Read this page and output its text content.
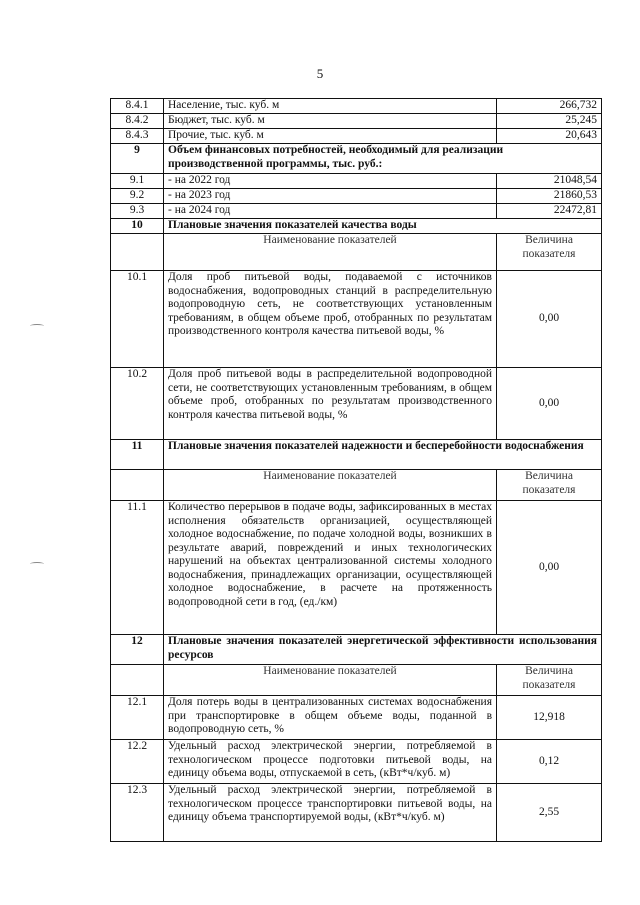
5
8.4.1	Население, тыс. куб. м	266,732
8.4.2	Бюджет, тыс. куб. м	25,245
8.4.3	Прочие, тыс. куб. м	20,643
9	Объем финансовых потребностей, необходимый для реализации производственной программы, тыс. руб.:	
9.1	- на 2022 год	21048,54
9.2	- на 2023 год	21860,53
9.3	- на 2024 год	22472,81
10	Плановые значения показателей качества воды	
	Наименование показателей	Величина показателя
10.1	Доля проб питьевой воды, подаваемой с источников водоснабжения, водопроводных станций в распределительную водопроводную сеть, не соответствующих установленным требованиям, в общем объеме проб, отобранных по результатам производственного контроля качества питьевой воды, %	0,00
10.2	Доля проб питьевой воды в распределительной водопроводной сети, не соответствующих установленным требованиям, в общем объеме проб, отобранных по результатам производственного контроля качества питьевой воды, %	0,00
11	Плановые значения показателей надежности и бесперебойности водоснабжения	
	Наименование показателей	Величина показателя
11.1	Количество перерывов в подаче воды, зафиксированных в местах исполнения обязательств организацией, осуществляющей холодное водоснабжение, по подаче холодной воды, возникших в результате аварий, повреждений и иных технологических нарушений на объектах централизованной системы холодного водоснабжения, принадлежащих организации, осуществляющей холодное водоснабжение, в расчете на протяженность водопроводной сети в год, (ед./км)	0,00
12	Плановые значения показателей энергетической эффективности использования ресурсов	
	Наименование показателей	Величина показателя
12.1	Доля потерь воды в централизованных системах водоснабжения при транспортировке в общем объеме воды, поданной в водопроводную сеть, %	12,918
12.2	Удельный расход электрической энергии, потребляемой в технологическом процессе подготовки питьевой воды, на единицу объема воды, отпускаемой в сеть, (кВт*ч/куб. м)	0,12
12.3	Удельный расход электрической энергии, потребляемой в технологическом процессе транспортировки питьевой воды, на единицу объема транспортируемой воды, (кВт*ч/куб. м)	2,55
